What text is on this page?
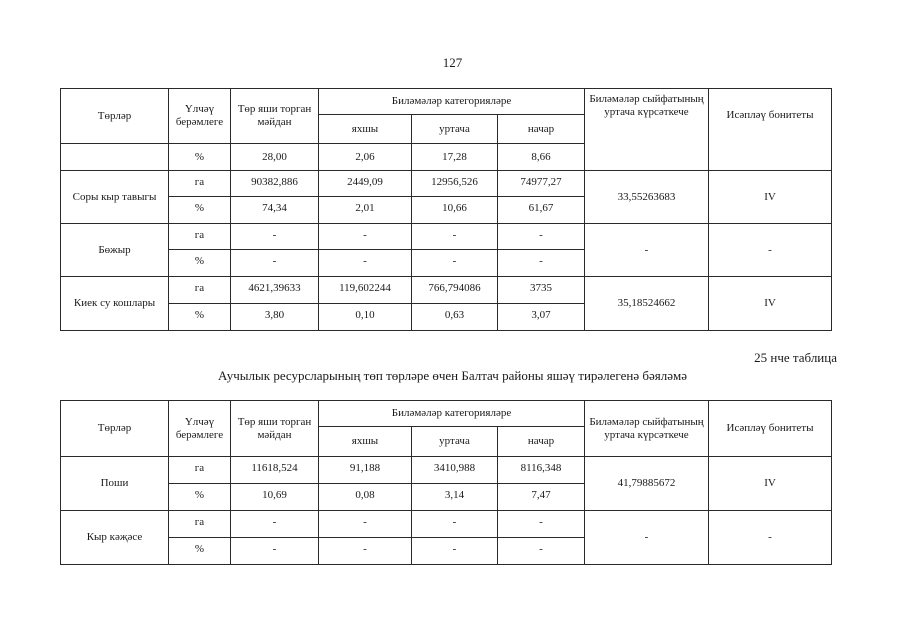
127
Төрләр	Үлчәү берәмлеге	Төр яши торган мәйдан	Биләмәләр категорияләре			Биләмәләр сыйфатының уртача күрсәткече	Исәпләү бонитеты
			яхшы	уртача	начар		
	%	28,00	2,06	17,28	8,66		
Соры кыр тавыгы	га	90382,886	2449,09	12956,526	74977,27	33,55263683	IV
	%	74,34	2,01	10,66	61,67		
Бөжыр	га	-	-	-	-	-	-
	%	-	-	-	-		
Киек су кошлары	га	4621,39633	119,602244	766,794086	3735	35,18524662	IV
	%	3,80	0,10	0,63	3,07		
25 нче таблица
Аучылык ресурсларының төп төрләре өчен Балтач районы яшәү тирәлегенә бәяләмә
Төрләр	Үлчәү берәмлеге	Төр яши торган мәйдан	Биләмәләр категорияләре			Биләмәләр сыйфатының уртача күрсәткече	Исәпләү бонитеты
			яхшы	уртача	начар		
Поши	га	11618,524	91,188	3410,988	8116,348	41,79885672	IV
	%	10,69	0,08	3,14	7,47		
Кыр кәҗәсе	га	-	-	-	-	-	-
	%	-	-	-	-		
